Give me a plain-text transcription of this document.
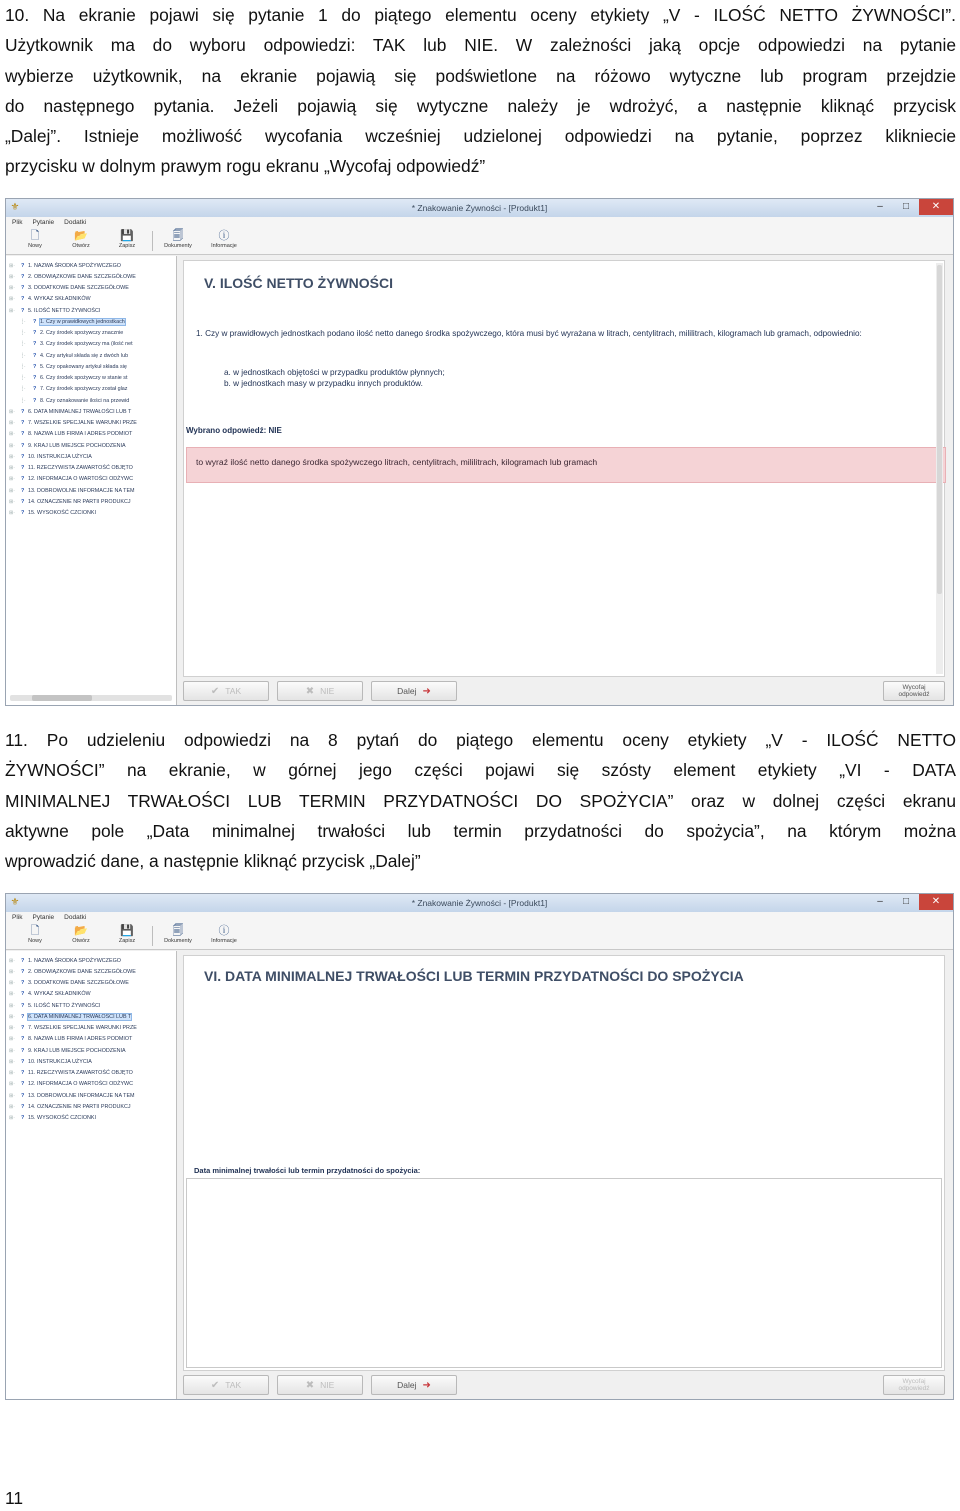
10. Na ekranie pojawi się pytanie 1 do piątego elementu oceny etykiety „V - ILOŚĆ NETTO ŻYWNOŚCI”.

Użytkownik ma do wyboru odpowiedzi: TAK lub NIE. W zależności jaką opcje odpowiedzi na pytanie

wybierze użytkownik, na ekranie pojawią się podświetlone na różowo wytyczne lub program przejdzie

do następnego pytania. Jeżeli pojawią się wytyczne należy je wdrożyć, a następnie kliknąć przycisk

„Dalej”. Istnieje możliwość wycofania wcześniej udzielonej odpowiedzi na pytanie, poprzez klikniecie

przycisku w dolnym prawym rogu ekranu „Wycofaj odpowiedź”

⚜	* Znakowanie Żywności - [Produkt1]	–	□	✕
Plik Pytanie Dodatki
🗋
Nowy
📂
Otwórz
💾
Zapisz
🗐
Dokumenty
ⓘ
Informacje
⊞·	? 1. NAZWA ŚRODKA SPOŻYWCZEGO
⊞·	? 2. OBOWIĄZKOWE DANE SZCZEGÓŁOWE
⊞·	? 3. DODATKOWE DANE SZCZEGÓŁOWE
⊞·	? 4. WYKAZ SKŁADNIKÓW
⊞·	? 5. ILOŚĆ NETTO ŻYWNOŚCI
┊·	? 1. Czy w prawidłowych jednostkach
┊·	? 2. Czy środek spożywczy znacznie
┊·	? 3. Czy środek spożywczy ma (ilość net
┊·	? 4. Czy artykuł składa się z dwóch lub
┊·	? 5. Czy opakowany artykuł składa się
┊·	? 6. Czy środek spożywczy w stanie st
┊·	? 7. Czy środek spożywczy został glaz
┊·	? 8. Czy oznakowanie ilości na przewid
⊞·	? 6. DATA MINIMALNEJ TRWAŁOŚCI LUB T
⊞·	? 7. WSZELKIE SPECJALNE WARUNKI PRZE
⊞·	? 8. NAZWA LUB FIRMA I ADRES PODMIOT
⊞·	? 9. KRAJ LUB MIEJSCE POCHODZENIA
⊞·	? 10. INSTRUKCJA UŻYCIA
⊞·	? 11. RZECZYWISTA ZAWARTOŚĆ OBJĘTO
⊞·	? 12. INFORMACJA O WARTOŚCI ODŻYWC
⊞·	? 13. DOBROWOLNE INFORMACJE NA TEM
⊞·	? 14. OZNACZENIE NR PARTII PRODUKCJ
⊞·	? 15. WYSOKOŚĆ CZCIONKI
V. ILOŚĆ NETTO ŻYWNOŚCI
1. Czy w prawidłowych jednostkach podano ilość netto danego środka spożywczego, która musi być wyrażana w litrach, centylitrach, mililitrach, kilogramach lub gramach, odpowiednio:
a. w jednostkach objętości w przypadku produktów płynnych;
b. w jednostkach masy w przypadku innych produktów.
Wybrano odpowiedź: NIE
to wyraź ilość netto danego środka spożywczego litrach, centylitrach, mililitrach, kilogramach lub gramach
✔ TAK	✖ NIE	Dalej ➜	Wycofaj
odpowiedź

11. Po udzieleniu odpowiedzi na 8 pytań do piątego elementu oceny etykiety „V - ILOŚĆ NETTO

ŻYWNOŚCI” na ekranie, w górnej jego części pojawi się szósty element etykiety „VI - DATA

MINIMALNEJ TRWAŁOŚCI LUB TERMIN PRZYDATNOŚCI DO SPOŻYCIA” oraz w dolnej części ekranu

aktywne pole „Data minimalnej trwałości lub termin przydatności do spożycia”, na którym można

wprowadzić dane, a następnie kliknąć przycisk „Dalej”

⚜	* Znakowanie Żywności - [Produkt1]	–	□	✕
Plik Pytanie Dodatki
🗋
Nowy
📂
Otwórz
💾
Zapisz
🗐
Dokumenty
ⓘ
Informacje
⊞·	? 1. NAZWA ŚRODKA SPOŻYWCZEGO
⊞·	? 2. OBOWIĄZKOWE DANE SZCZEGÓŁOWE
⊞·	? 3. DODATKOWE DANE SZCZEGÓŁOWE
⊞·	? 4. WYKAZ SKŁADNIKÓW
⊞·	? 5. ILOŚĆ NETTO ŻYWNOŚCI
⊞·	? 6. DATA MINIMALNEJ TRWAŁOŚCI LUB T
⊞·	? 7. WSZELKIE SPECJALNE WARUNKI PRZE
⊞·	? 8. NAZWA LUB FIRMA I ADRES PODMIOT
⊞·	? 9. KRAJ LUB MIEJSCE POCHODZENIA
⊞·	? 10. INSTRUKCJA UŻYCIA
⊞·	? 11. RZECZYWISTA ZAWARTOŚĆ OBJĘTO
⊞·	? 12. INFORMACJA O WARTOŚCI ODŻYWC
⊞·	? 13. DOBROWOLNE INFORMACJE NA TEM
⊞·	? 14. OZNACZENIE NR PARTII PRODUKCJ
⊞·	? 15. WYSOKOŚĆ CZCIONKI
VI. DATA MINIMALNEJ TRWAŁOŚCI LUB TERMIN PRZYDATNOŚCI DO SPOŻYCIA
Data minimalnej trwałości lub termin przydatności do spożycia:
✔ TAK	✖ NIE	Dalej ➜	Wycofaj
odpowiedź
11
